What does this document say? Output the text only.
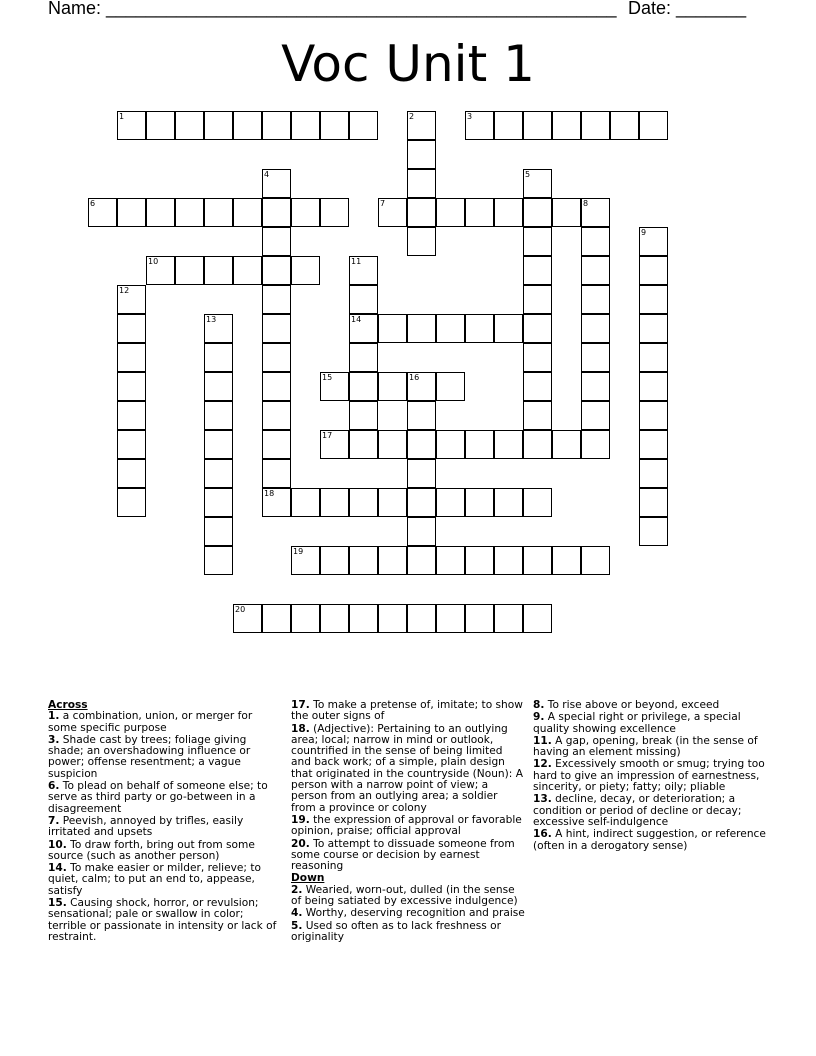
Name: ___________________________________________________ Date: _______
Voc Unit 1
1	2	3
4	5
6	7	8
9
10	11
14
12
13
15	16
17
18
19
20
Across
1. a combination, union, or merger for some specific purpose
3. Shade cast by trees; foliage giving shade; an overshadowing influence or power; offense resentment; a vague suspicion
6. To plead on behalf of someone else; to serve as third party or go-between in a disagreement
7. Peevish, annoyed by trifles, easily irritated and upsets
10. To draw forth, bring out from some source (such as another person)
14. To make easier or milder, relieve; to quiet, calm; to put an end to, appease, satisfy
15. Causing shock, horror, or revulsion; sensational; pale or swallow in color; terrible or passionate in intensity or lack of restraint.
17. To make a pretense of, imitate; to show the outer signs of
18. (Adjective): Pertaining to an outlying area; local; narrow in mind or outlook, countrified in the sense of being limited and back work; of a simple, plain design that originated in the countryside (Noun): A person with a narrow point of view; a person from an outlying area; a soldier from a province or colony
19. the expression of approval or favorable opinion, praise; official approval
20. To attempt to dissuade someone from some course or decision by earnest reasoning
Down
2. Wearied, worn-out, dulled (in the sense of being satiated by excessive indulgence)
4. Worthy, deserving recognition and praise
5. Used so often as to lack freshness or originality
8. To rise above or beyond, exceed
9. A special right or privilege, a special quality showing excellence
11. A gap, opening, break (in the sense of having an element missing)
12. Excessively smooth or smug; trying too hard to give an impression of earnestness, sincerity, or piety; fatty; oily; pliable
13. decline, decay, or deterioration; a condition or period of decline or decay; excessive self-indulgence
16. A hint, indirect suggestion, or reference (often in a derogatory sense)
